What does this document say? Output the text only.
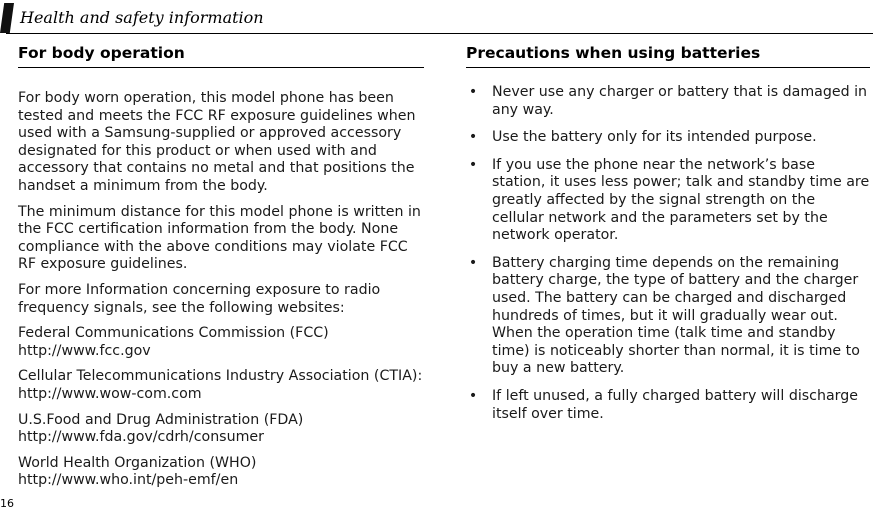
Health and safety information
For body operation

For body worn operation, this model phone has been tested and meets the FCC RF exposure guidelines when used with a Samsung-supplied or approved accessory designated for this product or when used with and accessory that contains no metal and that positions the handset a minimum from the body.

The minimum distance for this model phone is written in the FCC certification information from the body. None compliance with the above conditions may violate FCC RF exposure guidelines.

For more Information concerning exposure to radio frequency signals, see the following websites:

Federal Communications Commission (FCC)
http://www.fcc.gov

Cellular Telecommunications Industry Association (CTIA):
http://www.wow-com.com

U.S.Food and Drug Administration (FDA)
http://www.fda.gov/cdrh/consumer

World Health Organization (WHO)
http://www.who.int/peh-emf/en

Precautions when using batteries
• Never use any charger or battery that is damaged in any way.
• Use the battery only for its intended purpose.
• If you use the phone near the network’s base station, it uses less power; talk and standby time are greatly affected by the signal strength on the cellular network and the parameters set by the network operator.
• Battery charging time depends on the remaining battery charge, the type of battery and the charger used. The battery can be charged and discharged hundreds of times, but it will gradually wear out. When the operation time (talk time and standby time) is noticeably shorter than normal, it is time to buy a new battery.
• If left unused, a fully charged battery will discharge itself over time.
16
